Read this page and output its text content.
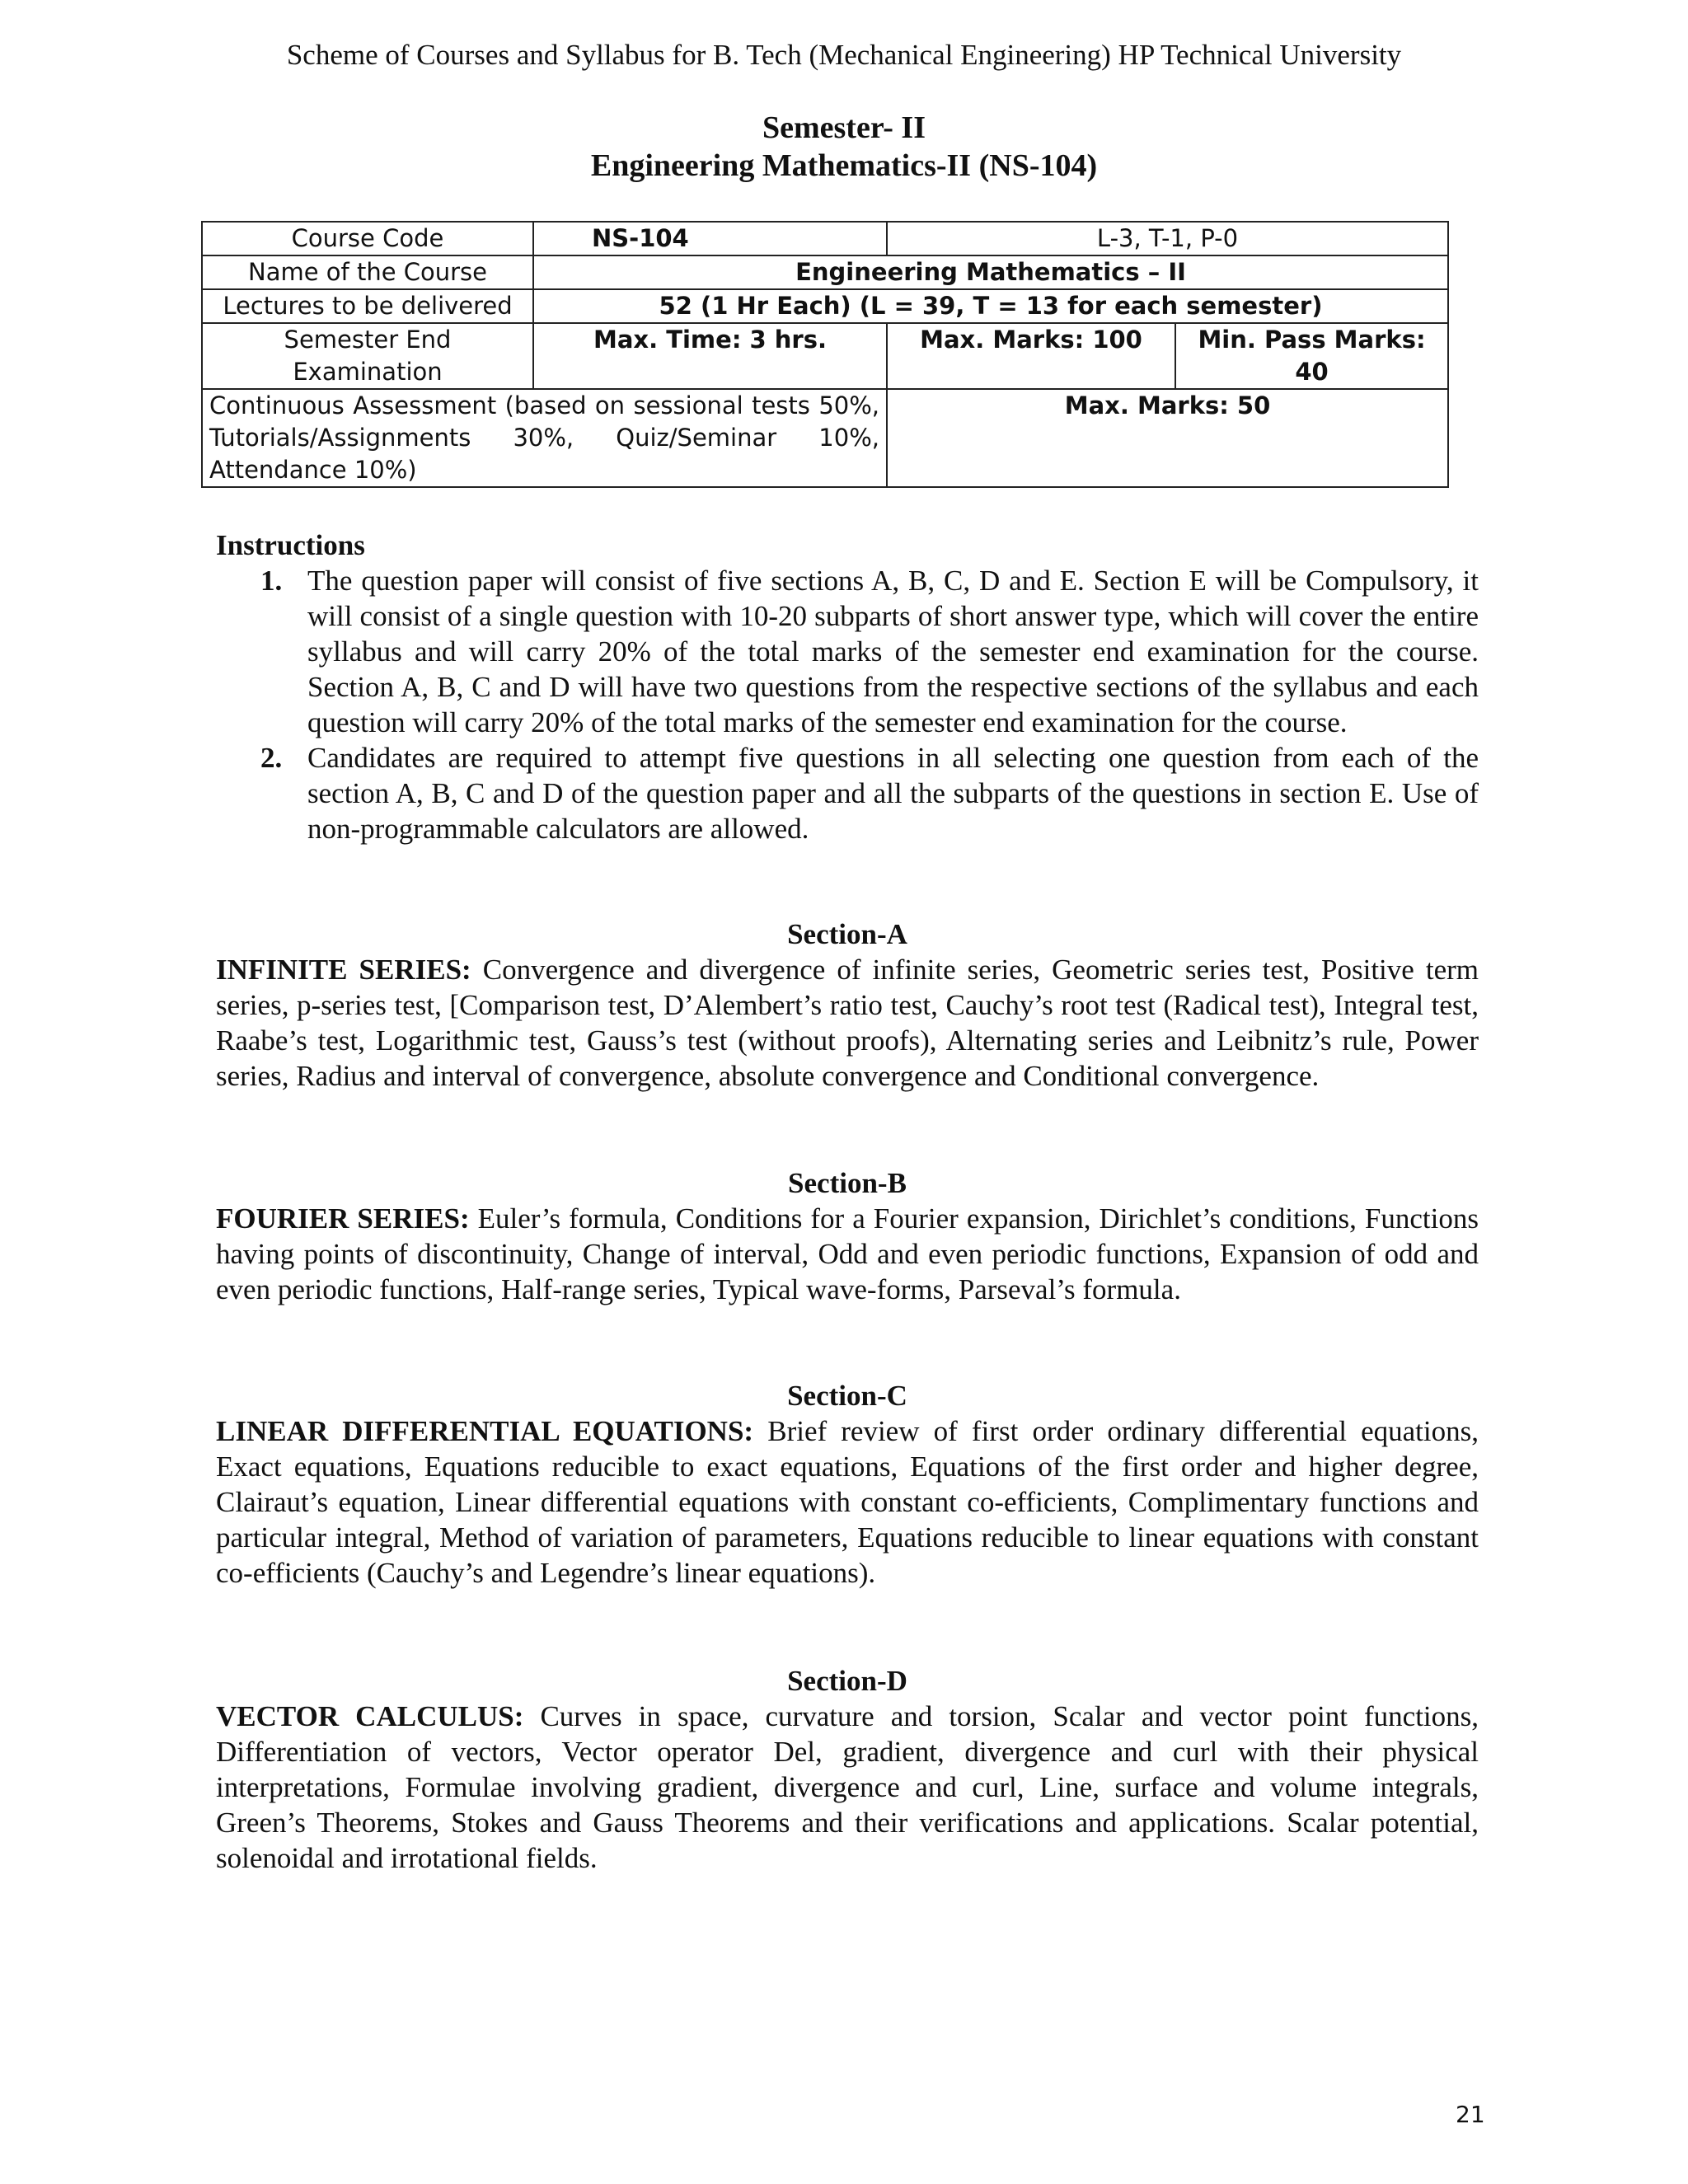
Scheme of Courses and Syllabus for B. Tech (Mechanical Engineering) HP Technical University
Semester- II
Engineering Mathematics-II (NS-104)
Course Code	NS-104	L-3, T-1, P-0	
Name of the Course	Engineering Mathematics – II		
Lectures to be delivered	52 (1 Hr Each) (L = 39, T = 13 for each semester)		
Semester End Examination	Max. Time: 3 hrs.	Max. Marks: 100	Min. Pass Marks: 40
Continuous Assessment (based on sessional tests 50%, Tutorials/Assignments 30%, Quiz/Seminar 10%, Attendance 10%)		Max. Marks: 50	
Instructions
1. The question paper will consist of five sections A, B, C, D and E. Section E will be Compulsory, it will consist of a single question with 10-20 subparts of short answer type, which will cover the entire syllabus and will carry 20% of the total marks of the semester end examination for the course. Section A, B, C and D will have two questions from the respective sections of the syllabus and each question will carry 20% of the total marks of the semester end examination for the course.
2. Candidates are required to attempt five questions in all selecting one question from each of the section A, B, C and D of the question paper and all the subparts of the questions in section E. Use of non-programmable calculators are allowed.
Section-A
INFINITE SERIES: Convergence and divergence of infinite series, Geometric series test, Positive term series, p-series test, [Comparison test, D’Alembert’s ratio test, Cauchy’s root test (Radical test), Integral test, Raabe’s test, Logarithmic test, Gauss’s test (without proofs), Alternating series and Leibnitz’s rule, Power series, Radius and interval of convergence, absolute convergence and Conditional convergence.
Section-B
FOURIER SERIES: Euler’s formula, Conditions for a Fourier expansion, Dirichlet’s conditions, Functions having points of discontinuity, Change of interval, Odd and even periodic functions, Expansion of odd and even periodic functions, Half-range series, Typical wave-forms, Parseval’s formula.
Section-C
LINEAR DIFFERENTIAL EQUATIONS: Brief review of first order ordinary differential equations, Exact equations, Equations reducible to exact equations, Equations of the first order and higher degree, Clairaut’s equation, Linear differential equations with constant co-efficients, Complimentary functions and particular integral, Method of variation of parameters, Equations reducible to linear equations with constant co-efficients (Cauchy’s and Legendre’s linear equations).
Section-D
VECTOR CALCULUS: Curves in space, curvature and torsion, Scalar and vector point functions, Differentiation of vectors, Vector operator Del, gradient, divergence and curl with their physical interpretations, Formulae involving gradient, divergence and curl, Line, surface and volume integrals, Green’s Theorems, Stokes and Gauss Theorems and their verifications and applications. Scalar potential, solenoidal and irrotational fields.
21
